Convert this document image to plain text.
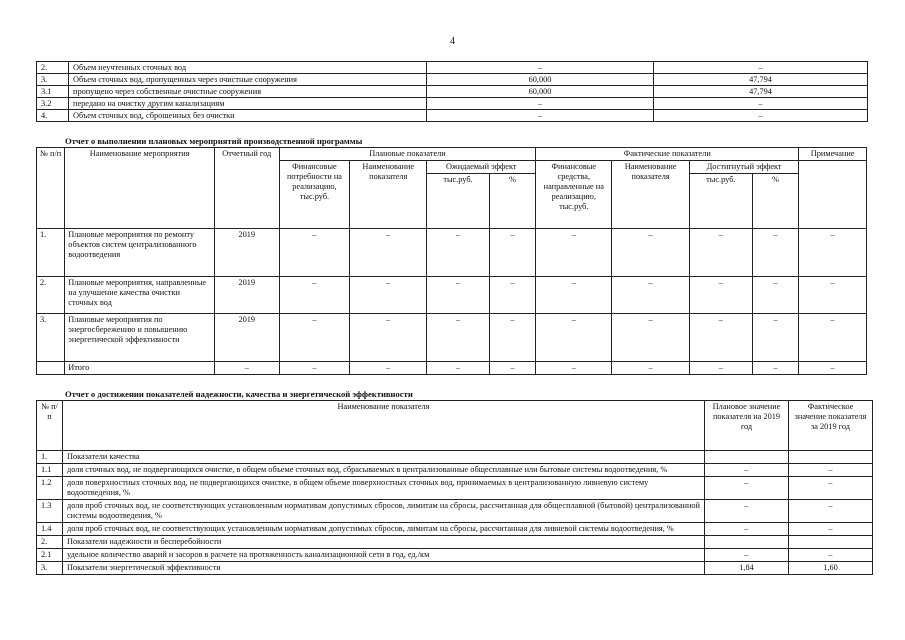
4
2.	Объем неучтенных сточных вод	–	–
3.	Объем сточных вод, пропущенных через очистные сооружения	60,000	47,794
3.1	пропущено через собственные очистные сооружения	60,000	47,794
3.2	передано на очистку другим канализациям	–	–
4.	Объем сточных вод, сброшенных без очистки	–	–
Отчет о выполнении плановых мероприятий производственной программы
№ п/п	Наименование мероприятия	Отчетный год	Плановые показатели				Фактические показатели				Примечание
			Финансовые потребности на реализацию, тыс.руб.	Наименование показателя	Ожидаемый эффект		Финансовые средства, направленные на реализацию, тыс.руб.	Наименование показателя	Достигнутый эффект		
					тыс.руб.	%			тыс.руб.	%	
1.	Плановые мероприятия по ремонту объектов систем централизованного водоотведения	2019	–	–	–	–	–	–	–	–	–
2.	Плановые мероприятия, направленные на улучшение качества очистки сточных вод	2019	–	–	–	–	–	–	–	–	–
3.	Плановые мероприятия по энергосбережению и повышению энергетической эффективности	2019	–	–	–	–	–	–	–	–	–
	Итого	–	–	–	–	–	–	–	–	–	–
Отчет о достижении показателей надежности, качества и энергетической эффективности
№ п/п	Наименование показателя	Плановое значение показателя на 2019 год	Фактическое значение показателя за 2019 год
1.	Показатели качества		
1.1	доля сточных вод, не подвергающихся очистке, в общем объеме сточных вод, сбрасываемых в централизованные общесплавные или бытовые системы водоотведения, %	–	–
1.2	доля поверхностных сточных вод, не подвергающихся очистке, в общем объеме поверхностных сточных вод, принимаемых в централизованную ливневую систему водоотведения, %	–	–
1.3	доля проб сточных вод, не соответствующих установленным нормативам допустимых сбросов, лимитам на сбросы, рассчитанная для общесплавной (бытовой) централизованной системы водоотведения, %	–	–
1.4	доля проб сточных вод, не соответствующих установленным нормативам допустимых сбросов, лимитам на сбросы, рассчитанная для ливневой системы водоотведения, %	–	–
2.	Показатели надежности и бесперебойности		
2.1	удельное количество аварий и засоров в расчете на протяженность канализационной сети в год, ед./км	–	–
3.	Показатели энергетической эффективности	1,84	1,60
